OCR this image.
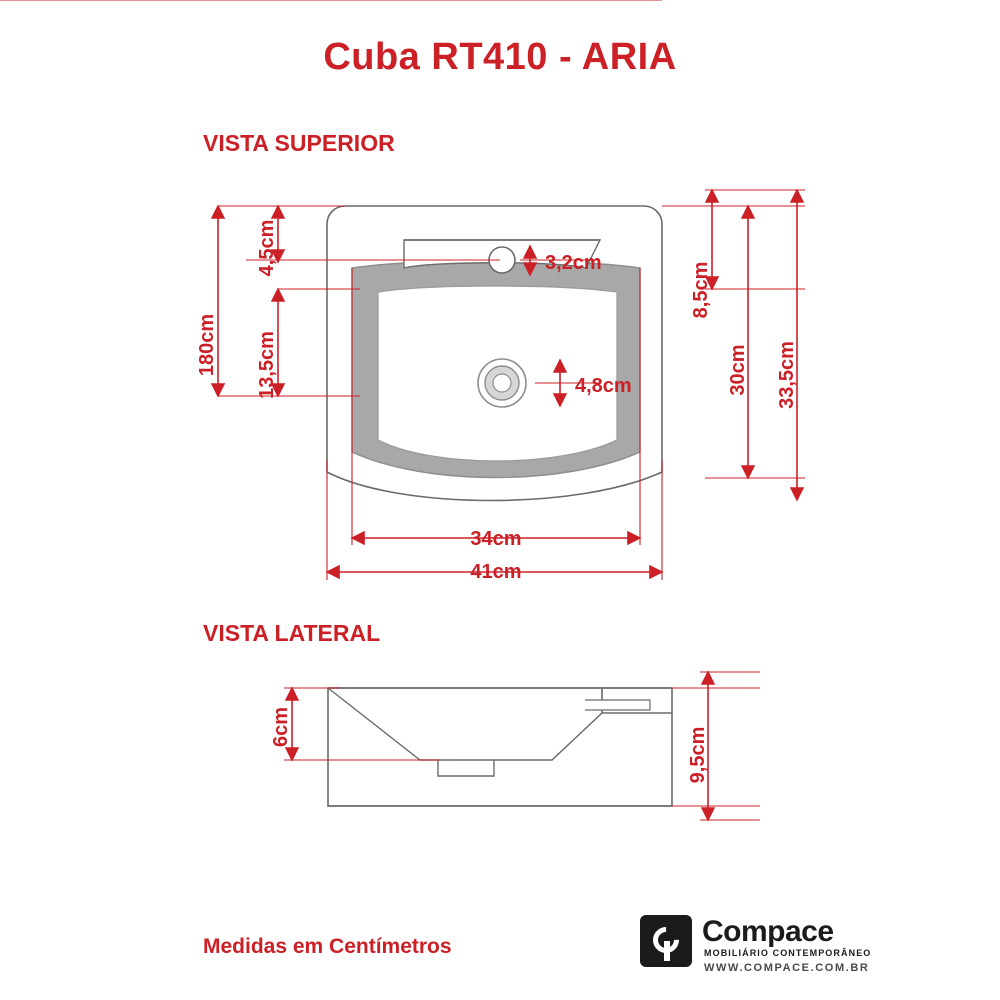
Cuba RT410 - ARIA
VISTA SUPERIOR
VISTA LATERAL
Medidas em Centímetros
180cm 13,5cm
4,5cm	3,2cm
4,8cm
8,5cm
30cm 33,5cm
34cm
41cm
6cm	9,5cm
Compace
MOBILIÁRIO CONTEMPORÂNEO
WWW.COMPACE.COM.BR
